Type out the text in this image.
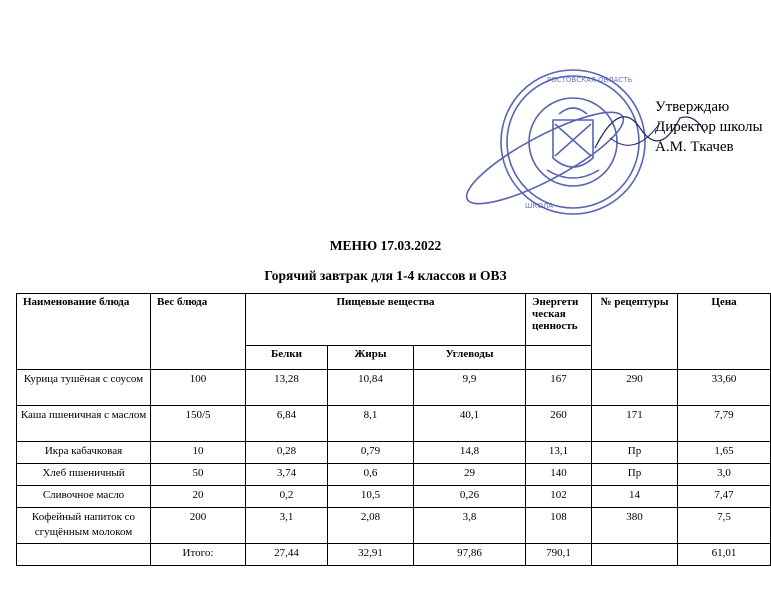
РОСТОВСКАЯ ОБЛАСТЬ
ШКОЛА
Утверждаю
Директор школы
А.М. Ткачев
МЕНЮ 17.03.2022
Горячий завтрак для 1-4 классов и ОВЗ
Наименование блюда	Вес блюда	Пищевые вещества			Энергети ческая ценность	№ рецептуры	Цена
		Белки	Жиры	Углеводы			
Курица тушёная с соусом	100	13,28	10,84	9,9	167	290	33,60
Каша пшеничная с маслом	150/5	6,84	8,1	40,1	260	171	7,79
Икра кабачковая	10	0,28	0,79	14,8	13,1	Пр	1,65
Хлеб пшеничный	50	3,74	0,6	29	140	Пр	3,0
Сливочное масло	20	0,2	10,5	0,26	102	14	7,47
Кофейный напиток со сгущённым молоком	200	3,1	2,08	3,8	108	380	7,5
	Итого:	27,44	32,91	97,86	790,1		61,01
